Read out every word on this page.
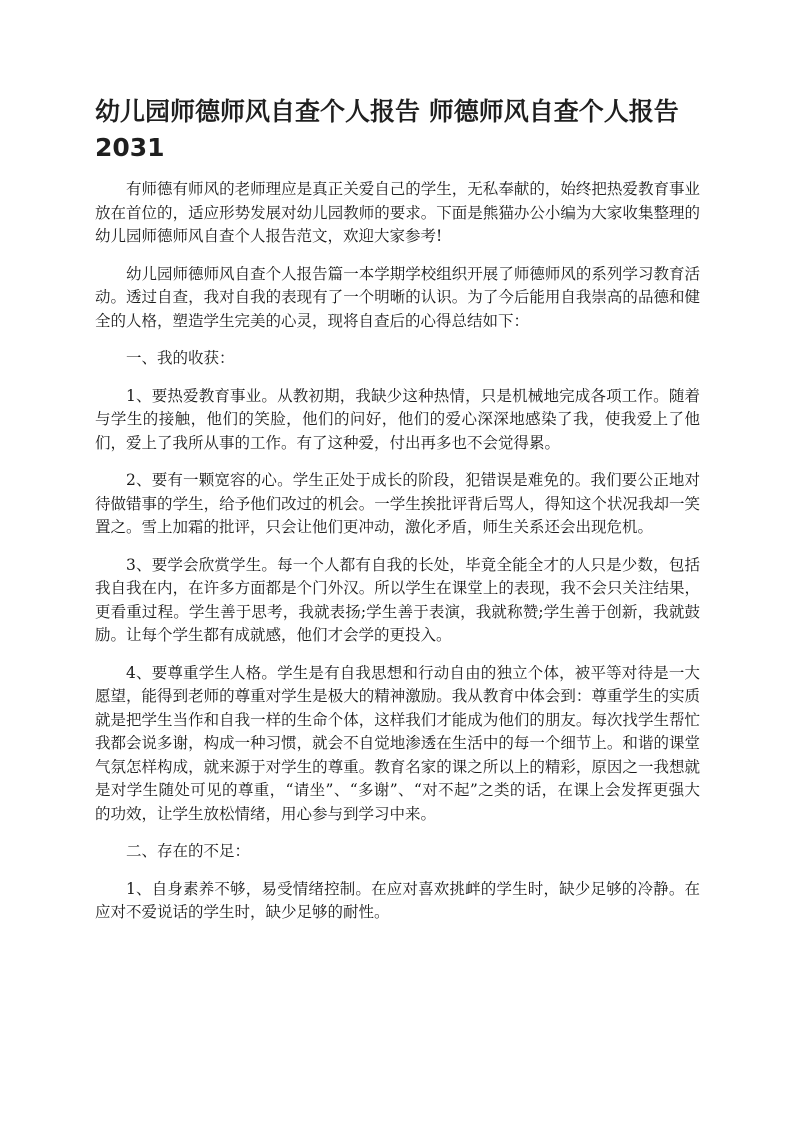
幼儿园师德师风自查个人报告 师德师风自查个人报告 2031

有师德有师风的老师理应是真正关爱自己的学生，无私奉献的，始终把热爱教育事业放在首位的，适应形势发展对幼儿园教师的要求。下面是熊猫办公小编为大家收集整理的幼儿园师德师风自查个人报告范文，欢迎大家参考!

幼儿园师德师风自查个人报告篇一本学期学校组织开展了师德师风的系列学习教育活动。透过自查，我对自我的表现有了一个明晰的认识。为了今后能用自我崇高的品德和健全的人格，塑造学生完美的心灵，现将自查后的心得总结如下：

一、我的收获：

1、要热爱教育事业。从教初期，我缺少这种热情，只是机械地完成各项工作。随着与学生的接触，他们的笑脸，他们的问好，他们的爱心深深地感染了我，使我爱上了他们，爱上了我所从事的工作。有了这种爱，付出再多也不会觉得累。

2、要有一颗宽容的心。学生正处于成长的阶段，犯错误是难免的。我们要公正地对待做错事的学生，给予他们改过的机会。一学生挨批评背后骂人，得知这个状况我却一笑置之。雪上加霜的批评，只会让他们更冲动，激化矛盾，师生关系还会出现危机。

3、要学会欣赏学生。每一个人都有自我的长处，毕竟全能全才的人只是少数，包括我自我在内，在许多方面都是个门外汉。所以学生在课堂上的表现，我不会只关注结果，更看重过程。学生善于思考，我就表扬;学生善于表演，我就称赞;学生善于创新，我就鼓励。让每个学生都有成就感，他们才会学的更投入。

4、要尊重学生人格。学生是有自我思想和行动自由的独立个体，被平等对待是一大愿望，能得到老师的尊重对学生是极大的精神激励。我从教育中体会到：尊重学生的实质就是把学生当作和自我一样的生命个体，这样我们才能成为他们的朋友。每次找学生帮忙我都会说多谢，构成一种习惯，就会不自觉地渗透在生活中的每一个细节上。和谐的课堂气氛怎样构成，就来源于对学生的尊重。教育名家的课之所以上的精彩，原因之一我想就是对学生随处可见的尊重，“请坐”、“多谢”、“对不起”之类的话，在课上会发挥更强大的功效，让学生放松情绪，用心参与到学习中来。

二、存在的不足：

1、自身素养不够，易受情绪控制。在应对喜欢挑衅的学生时，缺少足够的冷静。在应对不爱说话的学生时，缺少足够的耐性。
